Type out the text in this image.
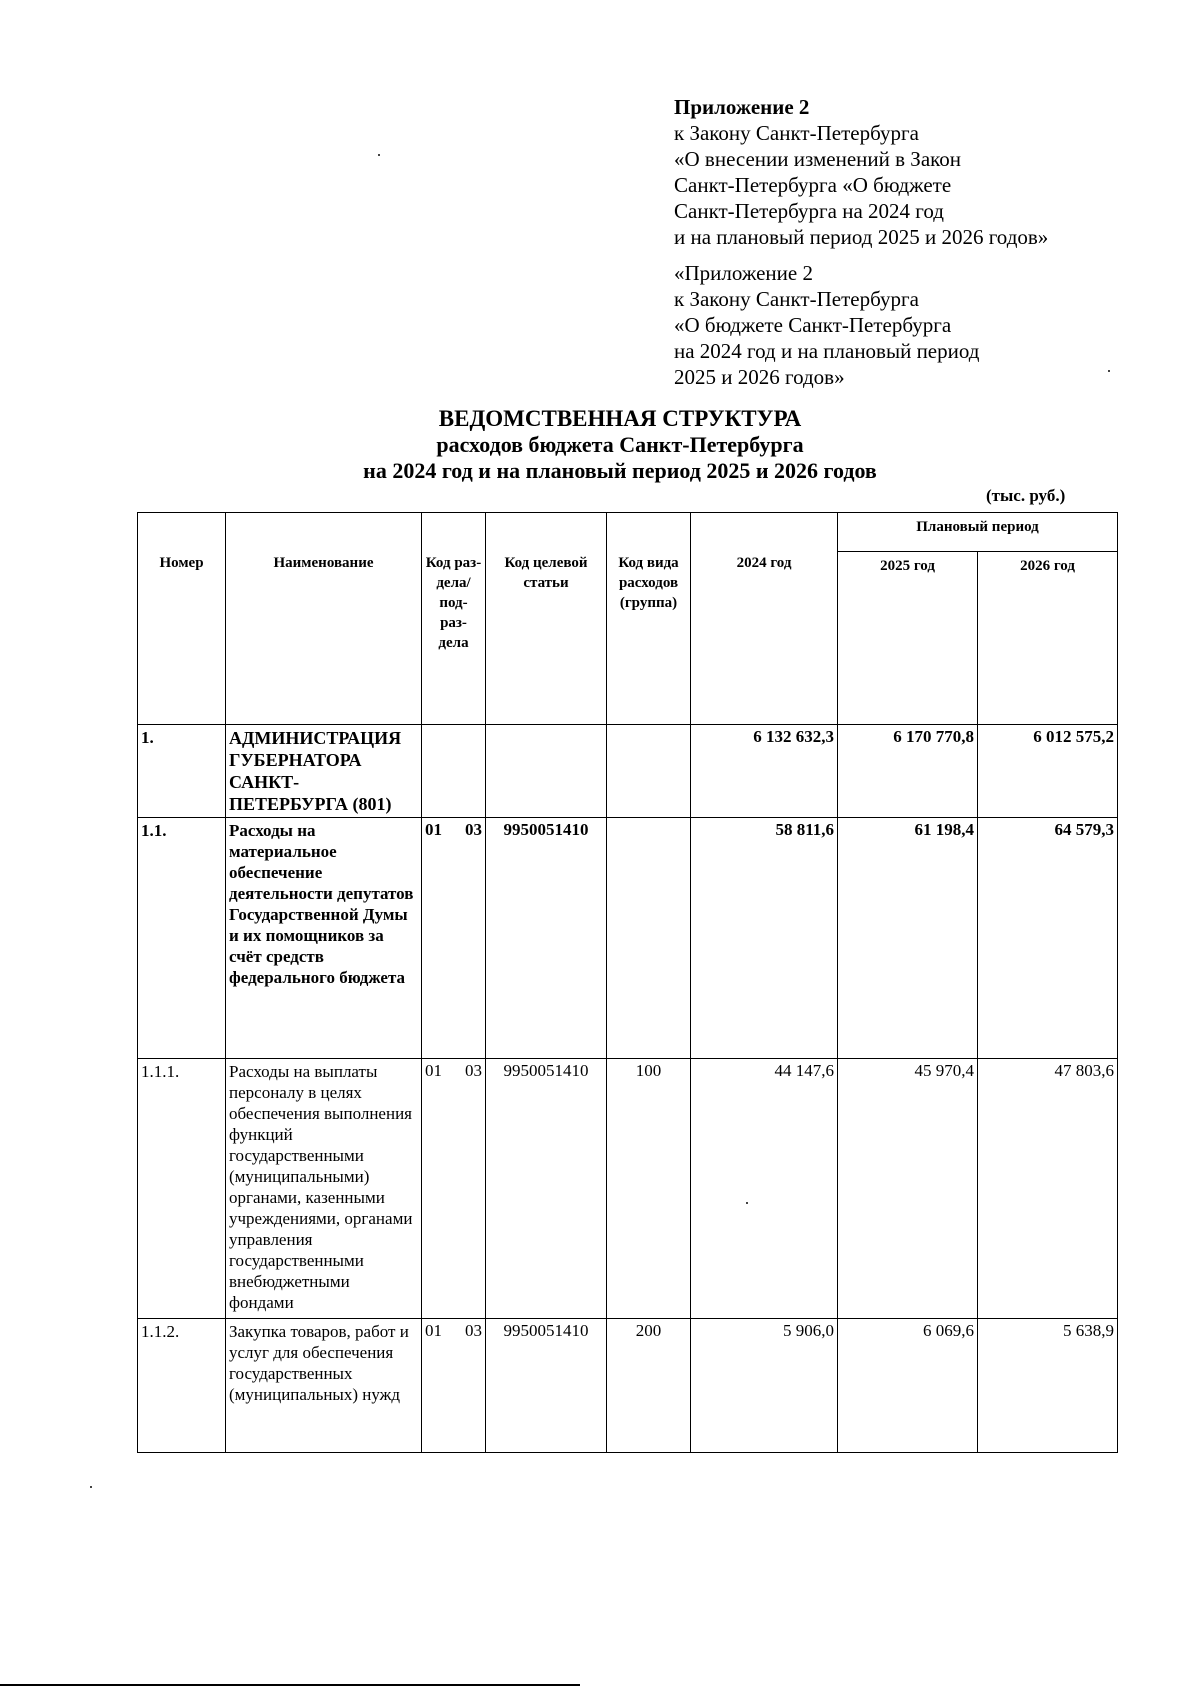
Приложение 2
к Закону Санкт-Петербурга
«О внесении изменений в Закон
Санкт-Петербурга «О бюджете
Санкт-Петербурга на 2024 год
и на плановый период 2025 и 2026 годов»
«Приложение 2
к Закону Санкт-Петербурга
«О бюджете Санкт-Петербурга
на 2024 год и на плановый период
2025 и 2026 годов»
ВЕДОМСТВЕННАЯ СТРУКТУРА
расходов бюджета Санкт-Петербурга
на 2024 год и на плановый период 2025 и 2026 годов
(тыс. руб.)
Номер	Наименование	Код раз- дела/ под- раз- дела	Код целевой статьи	Код вида расходов (группа)	2024 год	Плановый период	
						2025 год	2026 год
1.	АДМИНИСТРАЦИЯ ГУБЕРНАТОРА САНКТ-ПЕТЕРБУРГА (801)				6 132 632,3	6 170 770,8	6 012 575,2
1.1.	Расходы на материальное обеспечение деятельности депутатов Государственной Думы и их помощников за счёт средств федерального бюджета	01 03	9950051410		58 811,6	61 198,4	64 579,3
1.1.1.	Расходы на выплаты персоналу в целях обеспечения выполнения функций государственными (муниципальными) органами, казенными учреждениями, органами управления государственными внебюджетными фондами	01 03	9950051410	100	44 147,6	45 970,4	47 803,6
1.1.2.	Закупка товаров, работ и услуг для обеспечения государственных (муниципальных) нужд	01 03	9950051410	200	5 906,0	6 069,6	5 638,9
